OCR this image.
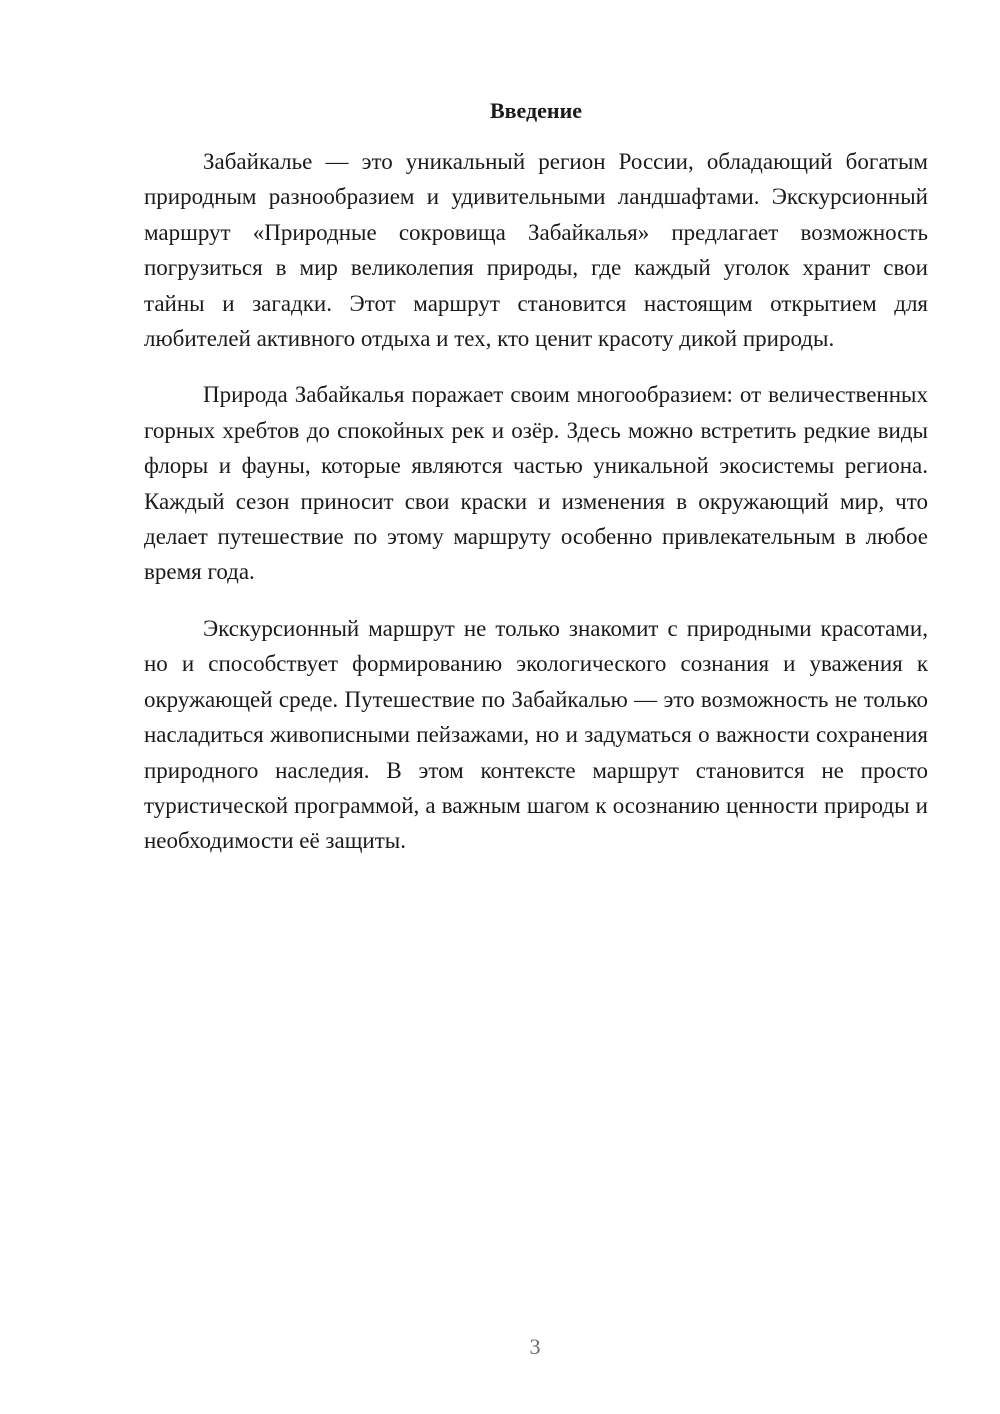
Введение

Забайкалье — это уникальный регион России, обладающий богатым природным разнообразием и удивительными ландшафтами. Экскурсионный маршрут «Природные сокровища Забайкалья» предлагает возможность погрузиться в мир великолепия природы, где каждый уголок хранит свои тайны и загадки. Этот маршрут становится настоящим открытием для любителей активного отдыха и тех, кто ценит красоту дикой природы.

Природа Забайкалья поражает своим многообразием: от величественных горных хребтов до спокойных рек и озёр. Здесь можно встретить редкие виды флоры и фауны, которые являются частью уникальной экосистемы региона. Каждый сезон приносит свои краски и изменения в окружающий мир, что делает путешествие по этому маршруту особенно привлекательным в любое время года.

Экскурсионный маршрут не только знакомит с природными красотами, но и способствует формированию экологического сознания и уважения к окружающей среде. Путешествие по Забайкалью — это возможность не только насладиться живописными пейзажами, но и задуматься о важности сохранения природного наследия. В этом контексте маршрут становится не просто туристической программой, а важным шагом к осознанию ценности природы и необходимости её защиты.

3
